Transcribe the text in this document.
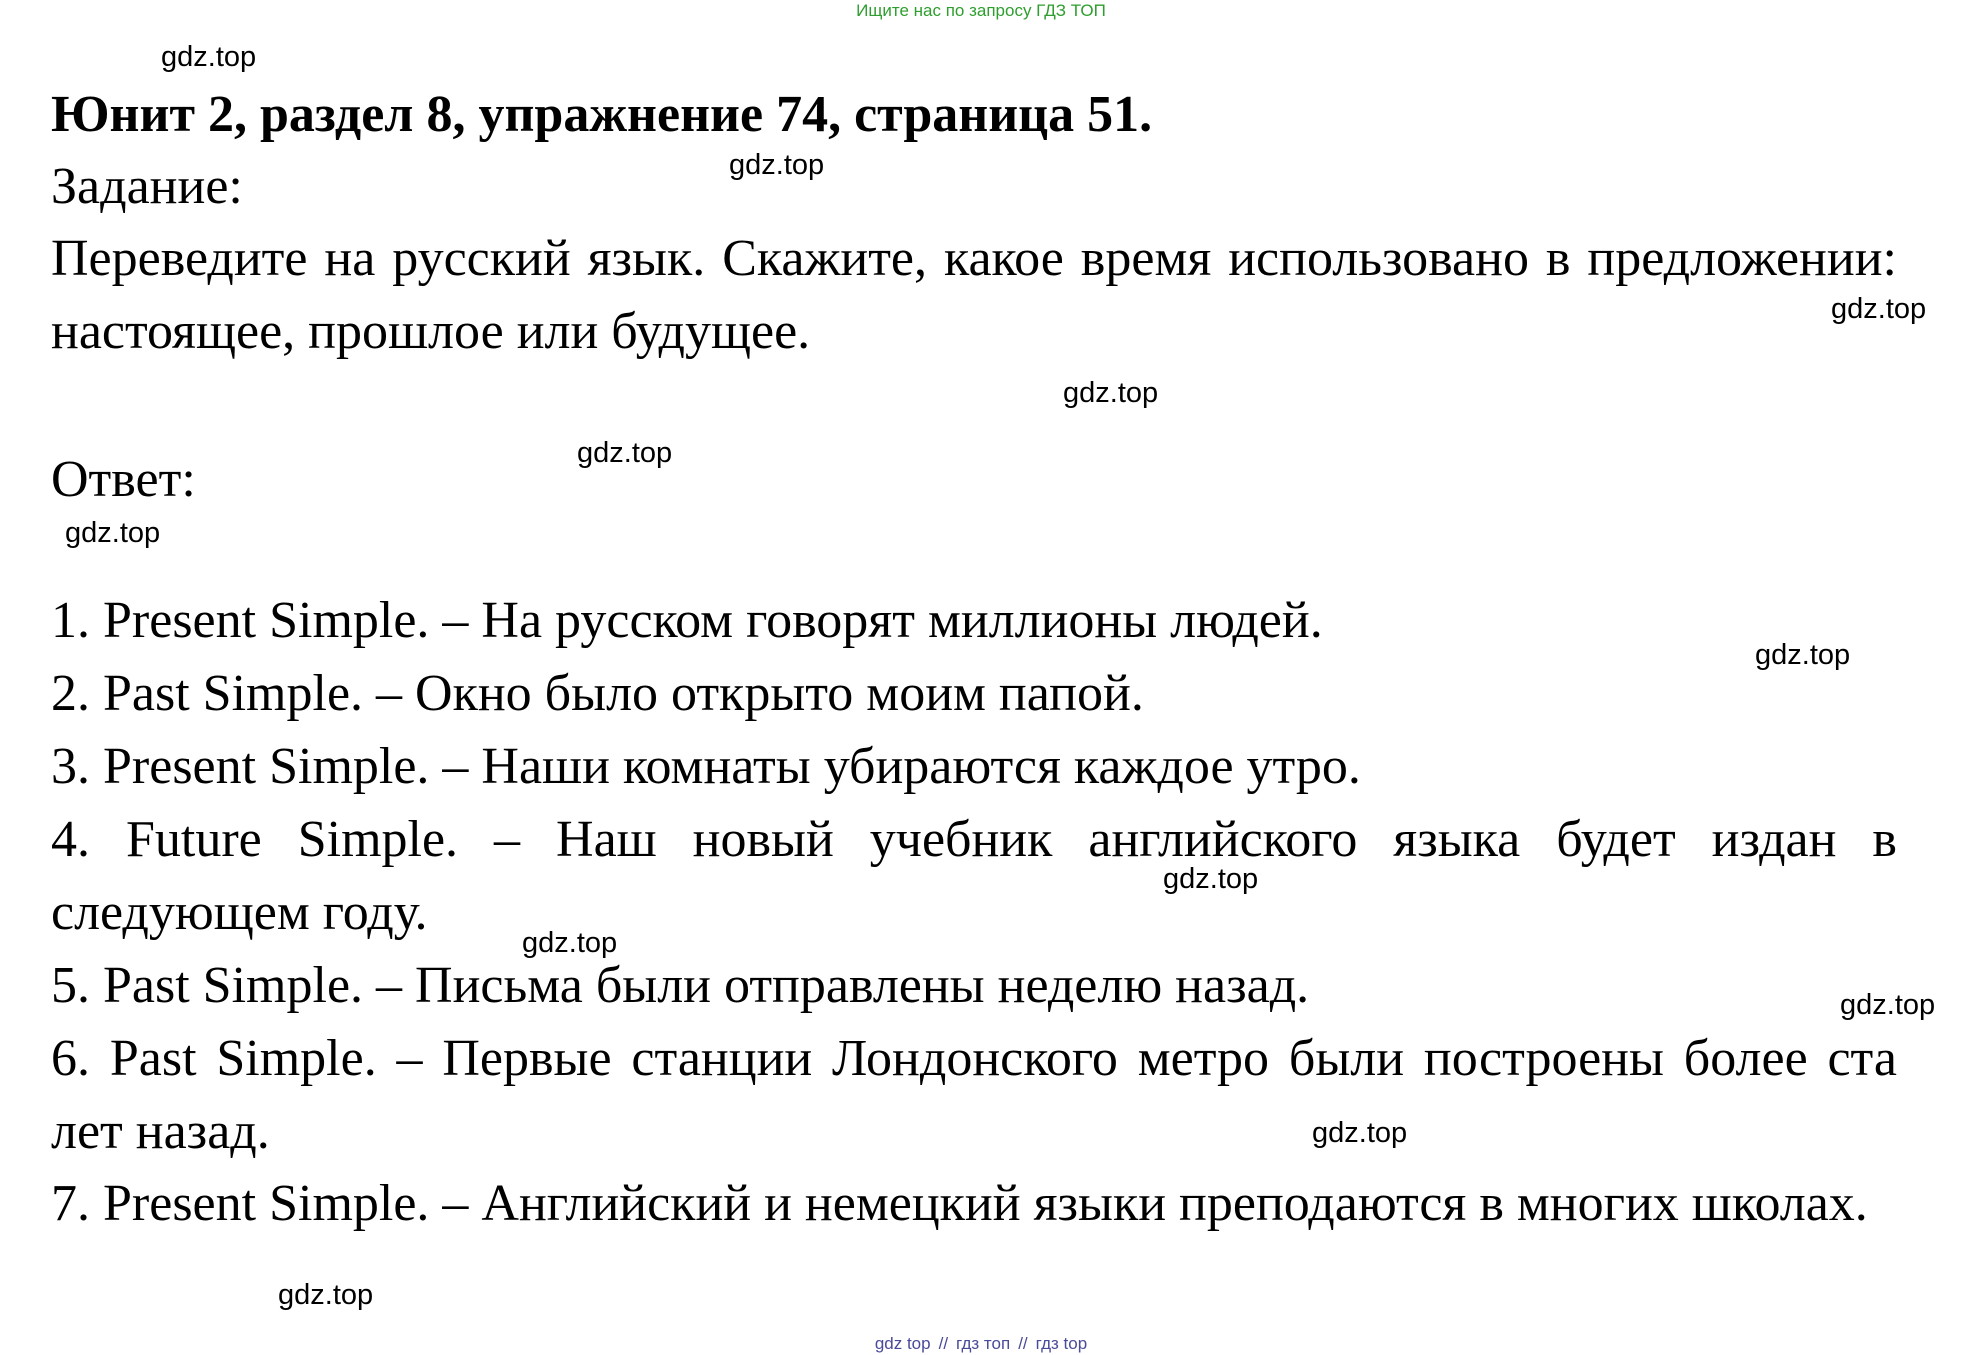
Ищите нас по запросу ГДЗ ТОП
gdz.top
Юнит 2, раздел 8, упражнение 74, страница 51.
gdz.top
Задание:
Переведите на русский язык. Скажите, какое время использовано в предложении: настоящее, прошлое или будущее.	gdz.top
gdz.top
gdz.top
Ответ:
gdz.top
1. Present Simple. – На русском говорят миллионы людей.
gdz.top
2. Past Simple. – Окно было открыто моим папой.
3. Present Simple. – Наши комнаты убираются каждое утро.
4. Future Simple. – Наш новый учебник английского языка будет издан в следующем году.
gdz.top
gdz.top
5. Past Simple. – Письма были отправлены неделю назад.	gdz.top
6. Past Simple. – Первые станции Лондонского метро были построены более ста лет назад.	gdz.top
7. Present Simple. – Английский и немецкий языки преподаются в многих школах.
gdz.top
gdz top // гдз топ // гдз top
